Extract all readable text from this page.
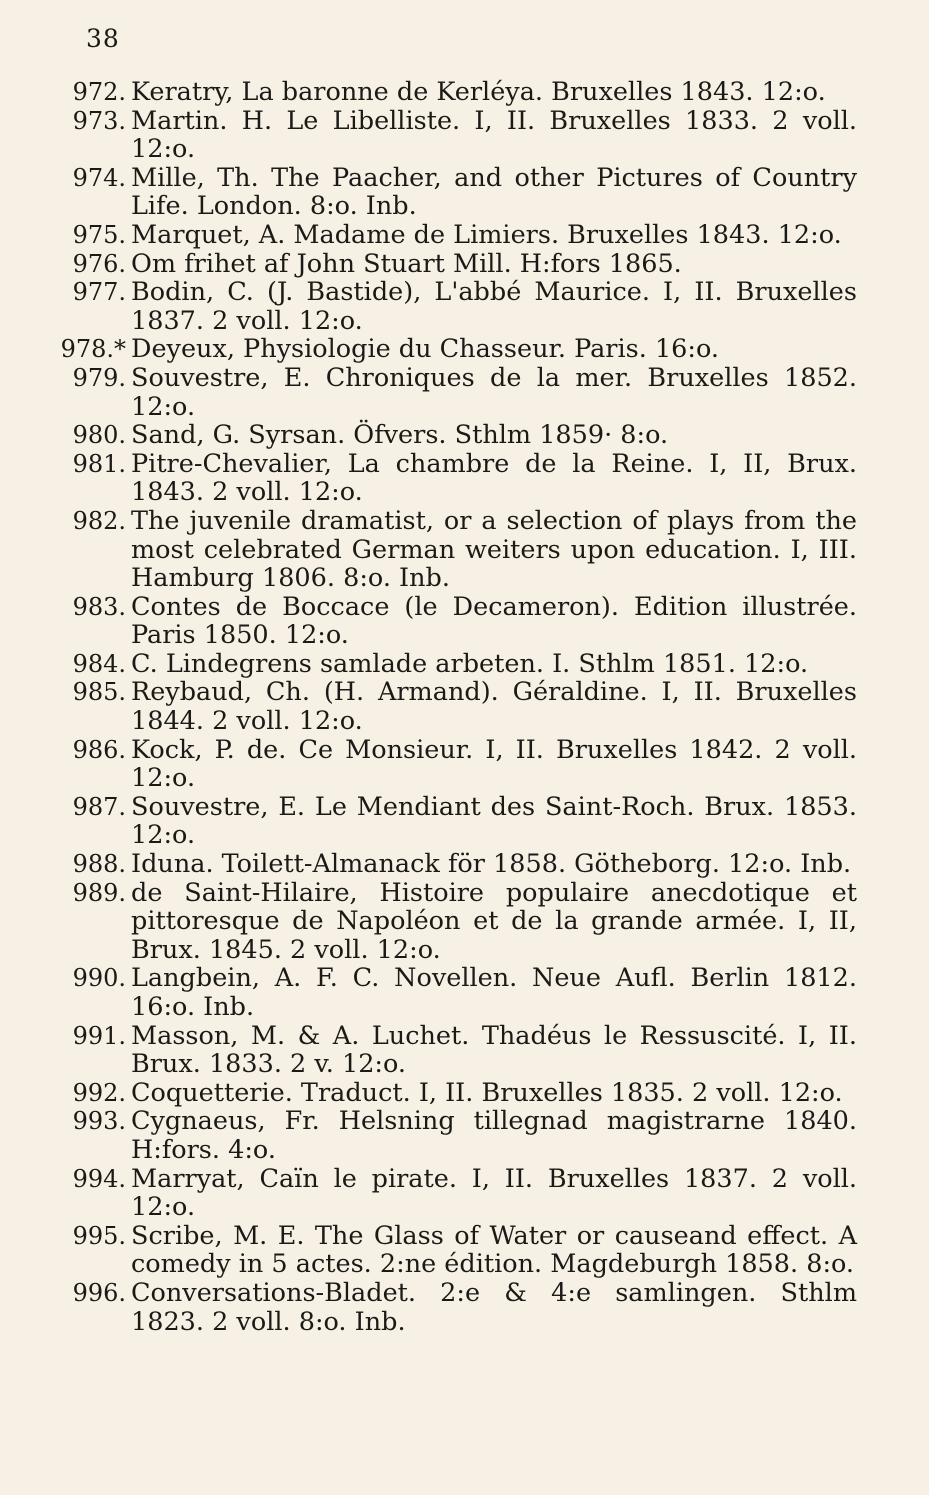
38
972. Keratry, La baronne de Kerléya. Bruxelles 1843. 12:o.
973. Martin. H. Le Libelliste. I, II. Bruxelles 1833. 2 voll. 12:o.
974. Mille, Th. The Paacher, and other Pictures of Country Life. London. 8:o. Inb.
975. Marquet, A. Madame de Limiers. Bruxelles 1843. 12:o.
976. Om frihet af John Stuart Mill. H:fors 1865.
977. Bodin, C. (J. Bastide), L'abbé Maurice. I, II. Bruxelles 1837. 2 voll. 12:o.
978.* Deyeux, Physiologie du Chasseur. Paris. 16:o.
979. Souvestre, E. Chroniques de la mer. Bruxelles 1852. 12:o.
980. Sand, G. Syrsan. Öfvers. Sthlm 1859· 8:o.
981. Pitre-Chevalier, La chambre de la Reine. I, II, Brux. 1843. 2 voll. 12:o.
982. The juvenile dramatist, or a selection of plays from the most celebrated German weiters upon education. I, III. Hamburg 1806. 8:o. Inb.
983. Contes de Boccace (le Decameron). Edition illustrée. Paris 1850. 12:o.
984. C. Lindegrens samlade arbeten. I. Sthlm 1851. 12:o.
985. Reybaud, Ch. (H. Armand). Géraldine. I, II. Bruxelles 1844. 2 voll. 12:o.
986. Kock, P. de. Ce Monsieur. I, II. Bruxelles 1842. 2 voll. 12:o.
987. Souvestre, E. Le Mendiant des Saint-Roch. Brux. 1853. 12:o.
988. Iduna. Toilett-Almanack för 1858. Götheborg. 12:o. Inb.
989. de Saint-Hilaire, Histoire populaire anecdotique et pittoresque de Napoléon et de la grande armée. I, II, Brux. 1845. 2 voll. 12:o.
990. Langbein, A. F. C. Novellen. Neue Aufl. Berlin 1812. 16:o. Inb.
991. Masson, M. & A. Luchet. Thadéus le Ressuscité. I, II. Brux. 1833. 2 v. 12:o.
992. Coquetterie. Traduct. I, II. Bruxelles 1835. 2 voll. 12:o.
993. Cygnaeus, Fr. Helsning tillegnad magistrarne 1840. H:fors. 4:o.
994. Marryat, Caïn le pirate. I, II. Bruxelles 1837. 2 voll. 12:o.
995. Scribe, M. E. The Glass of Water or causeand effect. A comedy in 5 actes. 2:ne édition. Magdeburgh 1858. 8:o.
996. Conversations-Bladet. 2:e & 4:e samlingen. Sthlm 1823. 2 voll. 8:o. Inb.
